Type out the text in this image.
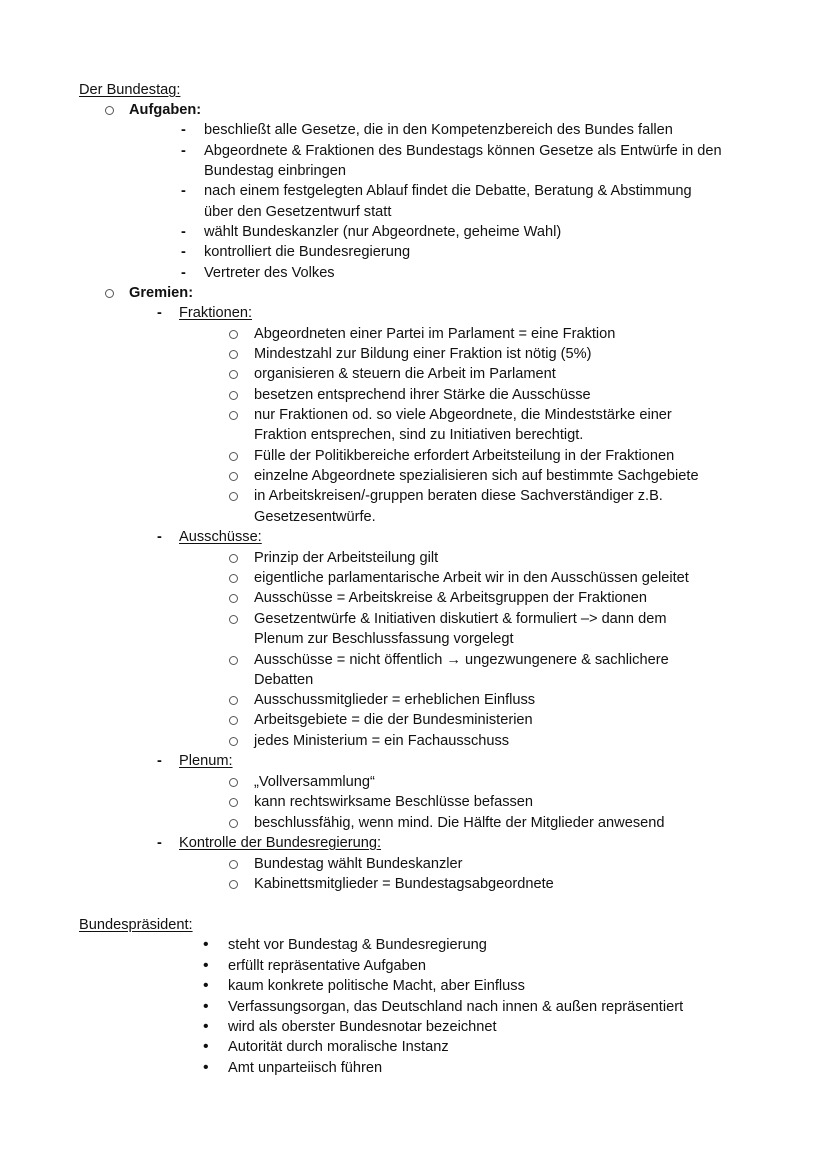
Der Bundestag:
Aufgaben:
- beschließt alle Gesetze, die in den Kompetenzbereich des Bundes fallen
- Abgeordnete & Fraktionen des Bundestags können Gesetze als Entwürfe in den
Bundestag einbringen
- nach einem festgelegten Ablauf findet die Debatte, Beratung & Abstimmung
über den Gesetzentwurf statt
- wählt Bundeskanzler (nur Abgeordnete, geheime Wahl)
- kontrolliert die Bundesregierung
- Vertreter des Volkes
Gremien:
- Fraktionen:
Abgeordneten einer Partei im Parlament = eine Fraktion
Mindestzahl zur Bildung einer Fraktion ist nötig (5%)
organisieren & steuern die Arbeit im Parlament
besetzen entsprechend ihrer Stärke die Ausschüsse
nur Fraktionen od. so viele Abgeordnete, die Mindeststärke einer
Fraktion entsprechen, sind zu Initiativen berechtigt.
Fülle der Politikbereiche erfordert Arbeitsteilung in der Fraktionen
einzelne Abgeordnete spezialisieren sich auf bestimmte Sachgebiete
in Arbeitskreisen/-gruppen beraten diese Sachverständiger z.B.
Gesetzesentwürfe.
- Ausschüsse:
Prinzip der Arbeitsteilung gilt
eigentliche parlamentarische Arbeit wir in den Ausschüssen geleitet
Ausschüsse = Arbeitskreise & Arbeitsgruppen der Fraktionen
Gesetzentwürfe & Initiativen diskutiert & formuliert –> dann dem
Plenum zur Beschlussfassung vorgelegt
Ausschüsse = nicht öffentlich → ungezwungenere & sachlichere
Debatten
Ausschussmitglieder = erheblichen Einfluss
Arbeitsgebiete = die der Bundesministerien
jedes Ministerium = ein Fachausschuss
- Plenum:
„Vollversammlung“
kann rechtswirksame Beschlüsse befassen
beschlussfähig, wenn mind. Die Hälfte der Mitglieder anwesend
- Kontrolle der Bundesregierung:
Bundestag wählt Bundeskanzler
Kabinettsmitglieder = Bundestagsabgeordnete
Bundespräsident:
• steht vor Bundestag & Bundesregierung
• erfüllt repräsentative Aufgaben
• kaum konkrete politische Macht, aber Einfluss
• Verfassungsorgan, das Deutschland nach innen & außen repräsentiert
• wird als oberster Bundesnotar bezeichnet
• Autorität durch moralische Instanz
• Amt unparteiisch führen
